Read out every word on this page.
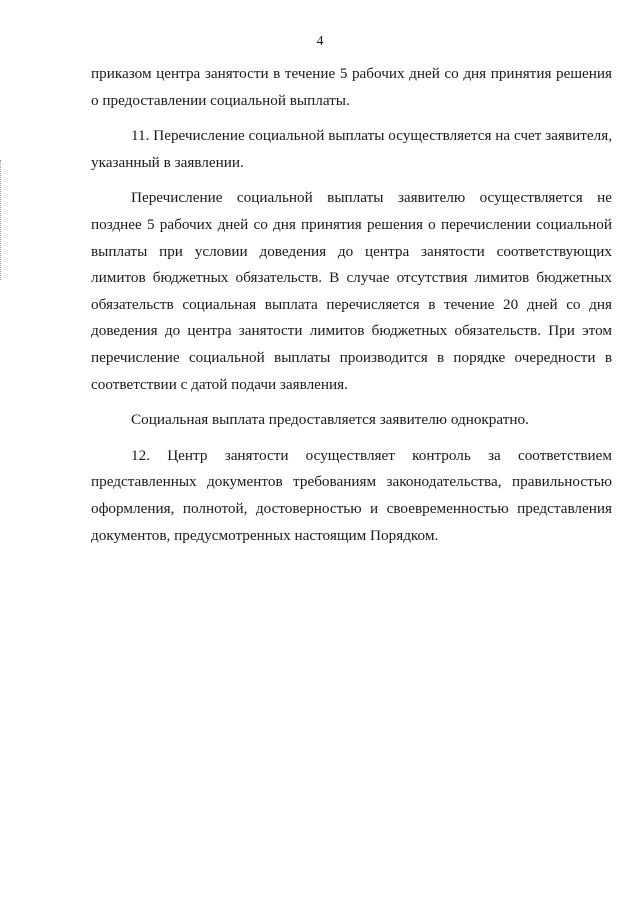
4

приказом центра занятости в течение 5 рабочих дней со дня принятия решения о предоставлении социальной выплаты.

11. Перечисление социальной выплаты осуществляется на счет заявителя, указанный в заявлении.

Перечисление социальной выплаты заявителю осуществляется не позднее 5 рабочих дней со дня принятия решения о перечислении социальной выплаты при условии доведения до центра занятости соответствующих лимитов бюджетных обязательств. В случае отсутствия лимитов бюджетных обязательств социальная выплата перечисляется в течение 20 дней со дня доведения до центра занятости лимитов бюджетных обязательств. При этом перечисление социальной выплаты производится в порядке очередности в соответствии с датой подачи заявления.

Социальная выплата предоставляется заявителю однократно.

12. Центр занятости осуществляет контроль за соответствием представленных документов требованиям законодательства, правильностью оформления, полнотой, достоверностью и своевременностью представления документов, предусмотренных настоящим Порядком.
